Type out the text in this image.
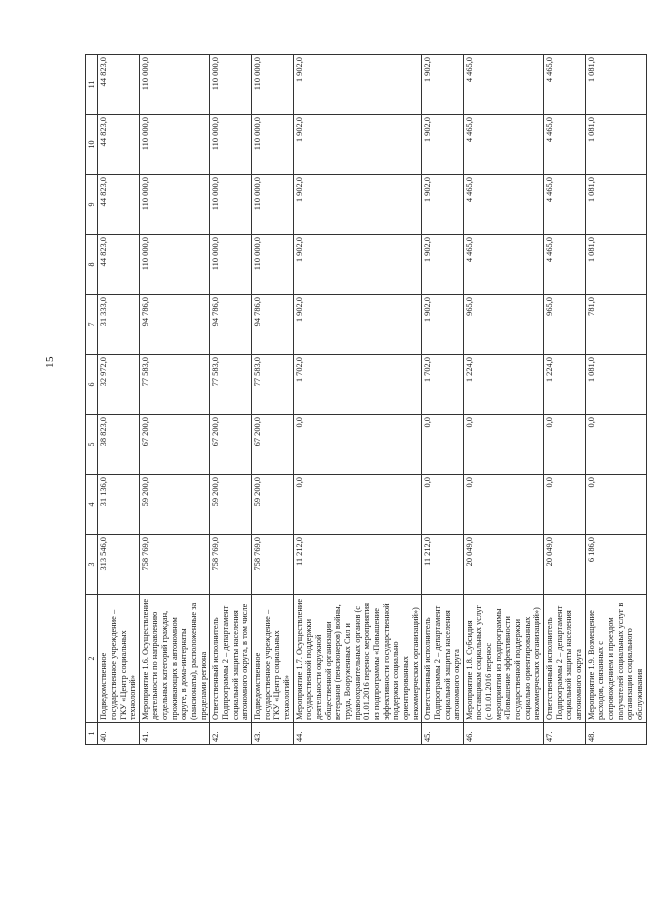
15
1	2	3	4	5	6	7	8	9	10	11
40.	Подведомственное государственное учреждение – ГКУ «Центр социальных технологий»	313 546,0	31 136,0	38 823,0	32 972,0	31 333,0	44 823,0	44 823,0	44 823,0	44 823,0
41.	Мероприятие 1.6. Осуществление деятельности по направлению отдельных категорий граждан, проживающих в автономном округе, в дома-интернаты (пансионаты), расположенные за пределами региона	758 769,0	59 200,0	67 200,0	77 583,0	94 786,0	110 000,0	110 000,0	110 000,0	110 000,0
42.	Ответственный исполнитель Подпрограммы 2 – департамент социальной защиты населения автономного округа, в том числе	758 769,0	59 200,0	67 200,0	77 583,0	94 786,0	110 000,0	110 000,0	110 000,0	110 000,0
43.	Подведомственное государственное учреждение – ГКУ «Центр социальных технологий»	758 769,0	59 200,0	67 200,0	77 583,0	94 786,0	110 000,0	110 000,0	110 000,0	110 000,0
44.	Мероприятие 1.7. Осуществление государственной поддержки деятельности окружной общественной организации ветеранов (пенсионеров) войны, труда, Вооруженных Сил и правоохранительных органов (с 01.01.2016 перенос мероприятия из подпрограммы «Повышение эффективности государственной поддержки социально ориентированных некоммерческих организаций»)	11 212,0	0,0	0,0	1 702,0	1 902,0	1 902,0	1 902,0	1 902,0	1 902,0
45.	Ответственный исполнитель Подпрограммы 2 – департамент социальной защиты населения автономного округа	11 212,0	0,0	0,0	1 702,0	1 902,0	1 902,0	1 902,0	1 902,0	1 902,0
46.	Мероприятие 1.8. Субсидия поставщикам социальных услуг (с 01.01.2016 перенос мероприятия из подпрограммы «Повышение эффективности государственной поддержки социально ориентированных некоммерческих организаций»)	20 049,0	0,0	0,0	1 224,0	965,0	4 465,0	4 465,0	4 465,0	4 465,0
47.	Ответственный исполнитель Подпрограммы 2 – департамент социальной защиты населения автономного округа	20 049,0	0,0	0,0	1 224,0	965,0	4 465,0	4 465,0	4 465,0	4 465,0
48.	Мероприятие 1.9. Возмещение расходов, связанных с сопровождением и проездом получателей социальных услуг в организации социального обслуживания	6 186,0	0,0	0,0	1 081,0	781,0	1 081,0	1 081,0	1 081,0	1 081,0
